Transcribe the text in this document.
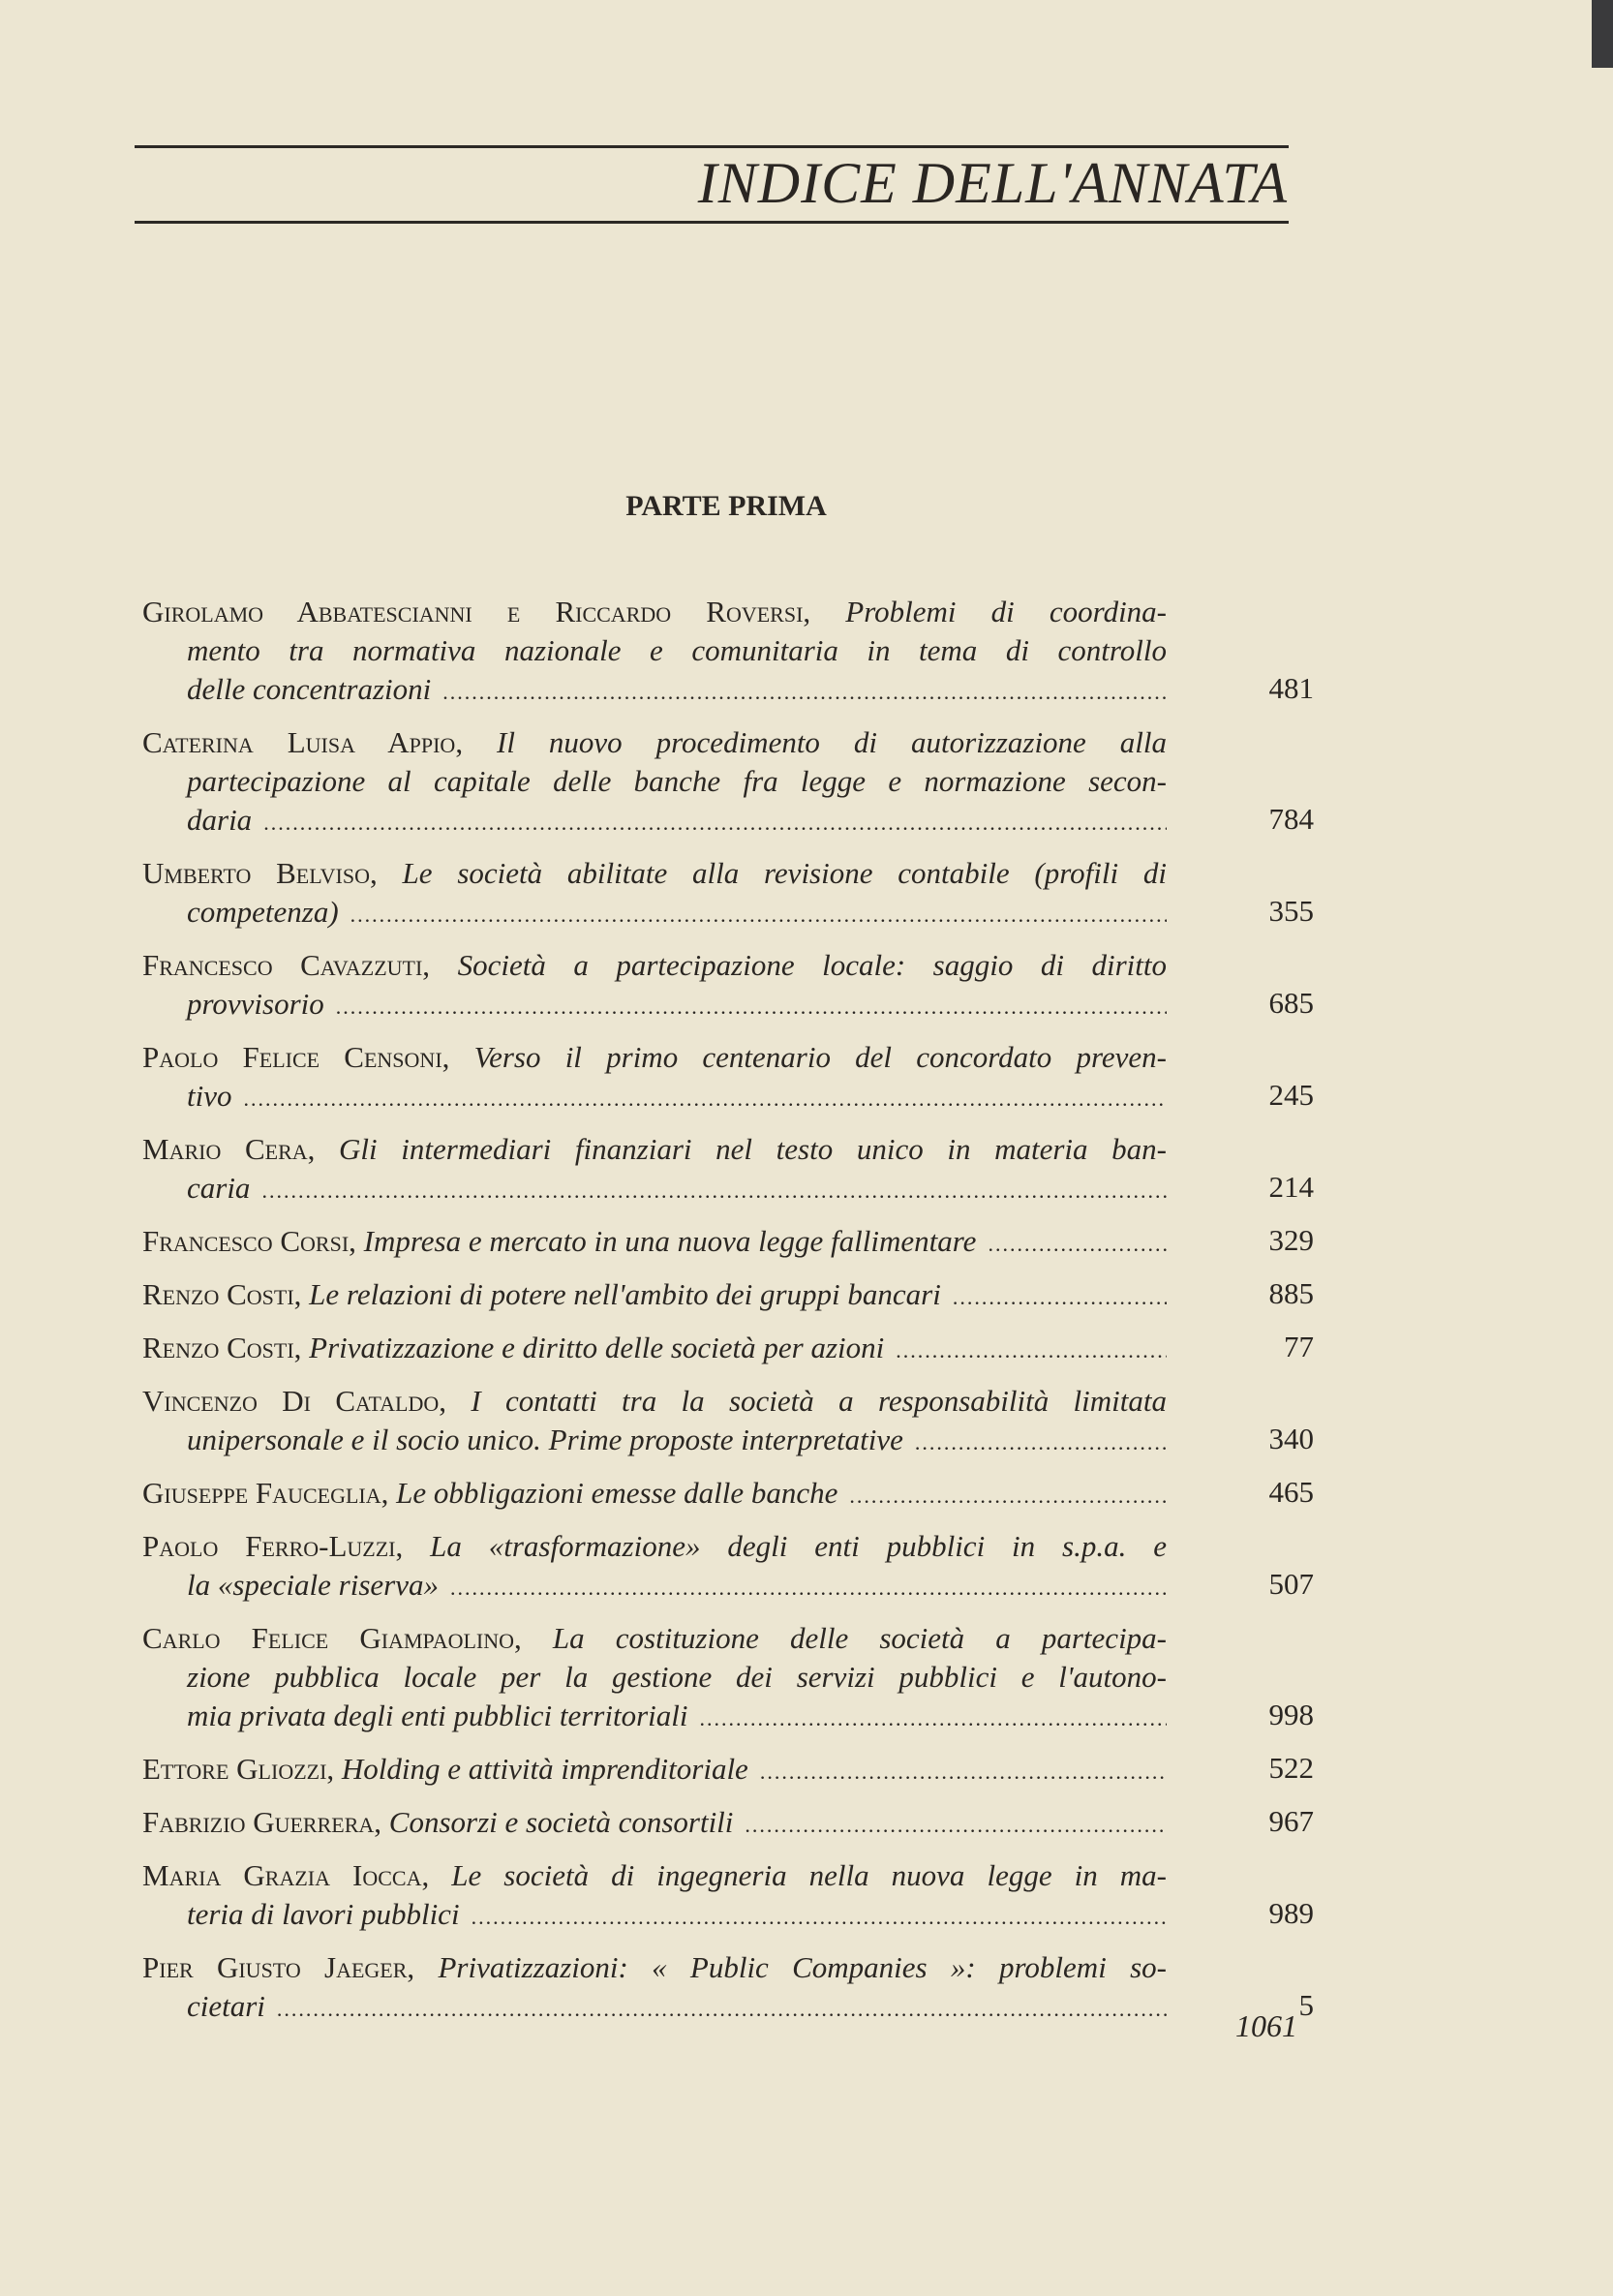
INDICE DELL'ANNATA
PARTE PRIMA
Girolamo Abbatescianni e Riccardo Roversi, Problemi di coordina-
mento tra normativa nazionale e comunitaria in tema di controllo
delle concentrazioni .....	481
Caterina Luisa Appio, Il nuovo procedimento di autorizzazione alla
partecipazione al capitale delle banche fra legge e normazione secon-
daria .....	784
Umberto Belviso, Le società abilitate alla revisione contabile (profili di
competenza) .....	355
Francesco Cavazzuti, Società a partecipazione locale: saggio di diritto
provvisorio .....	685
Paolo Felice Censoni, Verso il primo centenario del concordato preven-
tivo .....	245
Mario Cera, Gli intermediari finanziari nel testo unico in materia ban-
caria .....	214
Francesco Corsi, Impresa e mercato in una nuova legge fallimentare .....	329
Renzo Costi, Le relazioni di potere nell'ambito dei gruppi bancari .....	885
Renzo Costi, Privatizzazione e diritto delle società per azioni .....	77
Vincenzo Di Cataldo, I contatti tra la società a responsabilità limitata
unipersonale e il socio unico. Prime proposte interpretative .....	340
Giuseppe Fauceglia, Le obbligazioni emesse dalle banche .....	465
Paolo Ferro-Luzzi, La «trasformazione» degli enti pubblici in s.p.a. e
la «speciale riserva» .....	507
Carlo Felice Giampaolino, La costituzione delle società a partecipa-
zione pubblica locale per la gestione dei servizi pubblici e l'autono-
mia privata degli enti pubblici territoriali .....	998
Ettore Gliozzi, Holding e attività imprenditoriale .....	522
Fabrizio Guerrera, Consorzi e società consortili .....	967
Maria Grazia Iocca, Le società di ingegneria nella nuova legge in ma-
teria di lavori pubblici .....	989
Pier Giusto Jaeger, Privatizzazioni: « Public Companies »: problemi so-
cietari .....	5
1061
